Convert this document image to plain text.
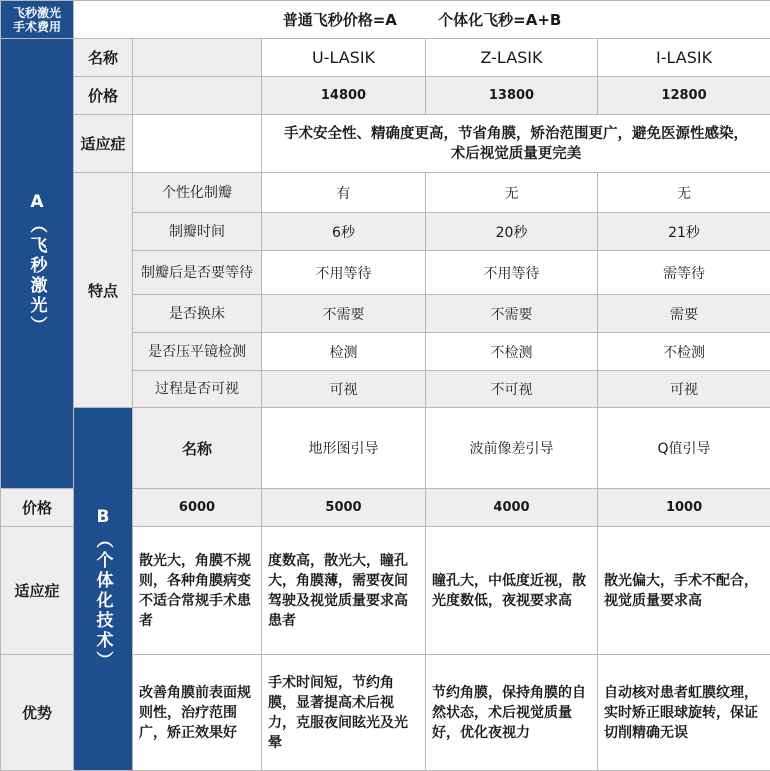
飞秒激光
手术费用	普通飞秒价格=A 个体化飞秒=A+B					

A
（飞秒激光）	名称		U-LASIK	Z-LASIK	I-LASIK	
	价格		14800	13800	12800	
	适应症		手术安全性、精确度更高，节省角膜，矫治范围更广，避免医源性感染，术后视觉质量更完美			
	特点	个性化制瓣	有	无	无	
		制瓣时间	6秒	20秒	21秒	
		制瓣后是否要等待	不用等待	不用等待	需等待	
		是否换床	不需要	不需要	需要	
		是否压平镜检测	检测	不检测	不检测	
		过程是否可视	可视	不可视	可视	

	B
（个体化技术）	名称	地形图引导	波前像差引导	Q值引导	
价格		6000	5000	4000	1000	
适应症		散光大，角膜不规则，各种角膜病变不适合常规手术患者	度数高，散光大，瞳孔大，角膜薄，需要夜间驾驶及视觉质量要求高患者	瞳孔大，中低度近视，散光度数低，夜视要求高	散光偏大，手术不配合，视觉质量要求高	
优势		改善角膜前表面规则性，治疗范围广，矫正效果好	手术时间短，节约角膜，显著提高术后视力，克服夜间眩光及光晕	节约角膜，保持角膜的自然状态，术后视觉质量好，优化夜视力	自动核对患者虹膜纹理，实时矫正眼球旋转，保证切削精确无误	
